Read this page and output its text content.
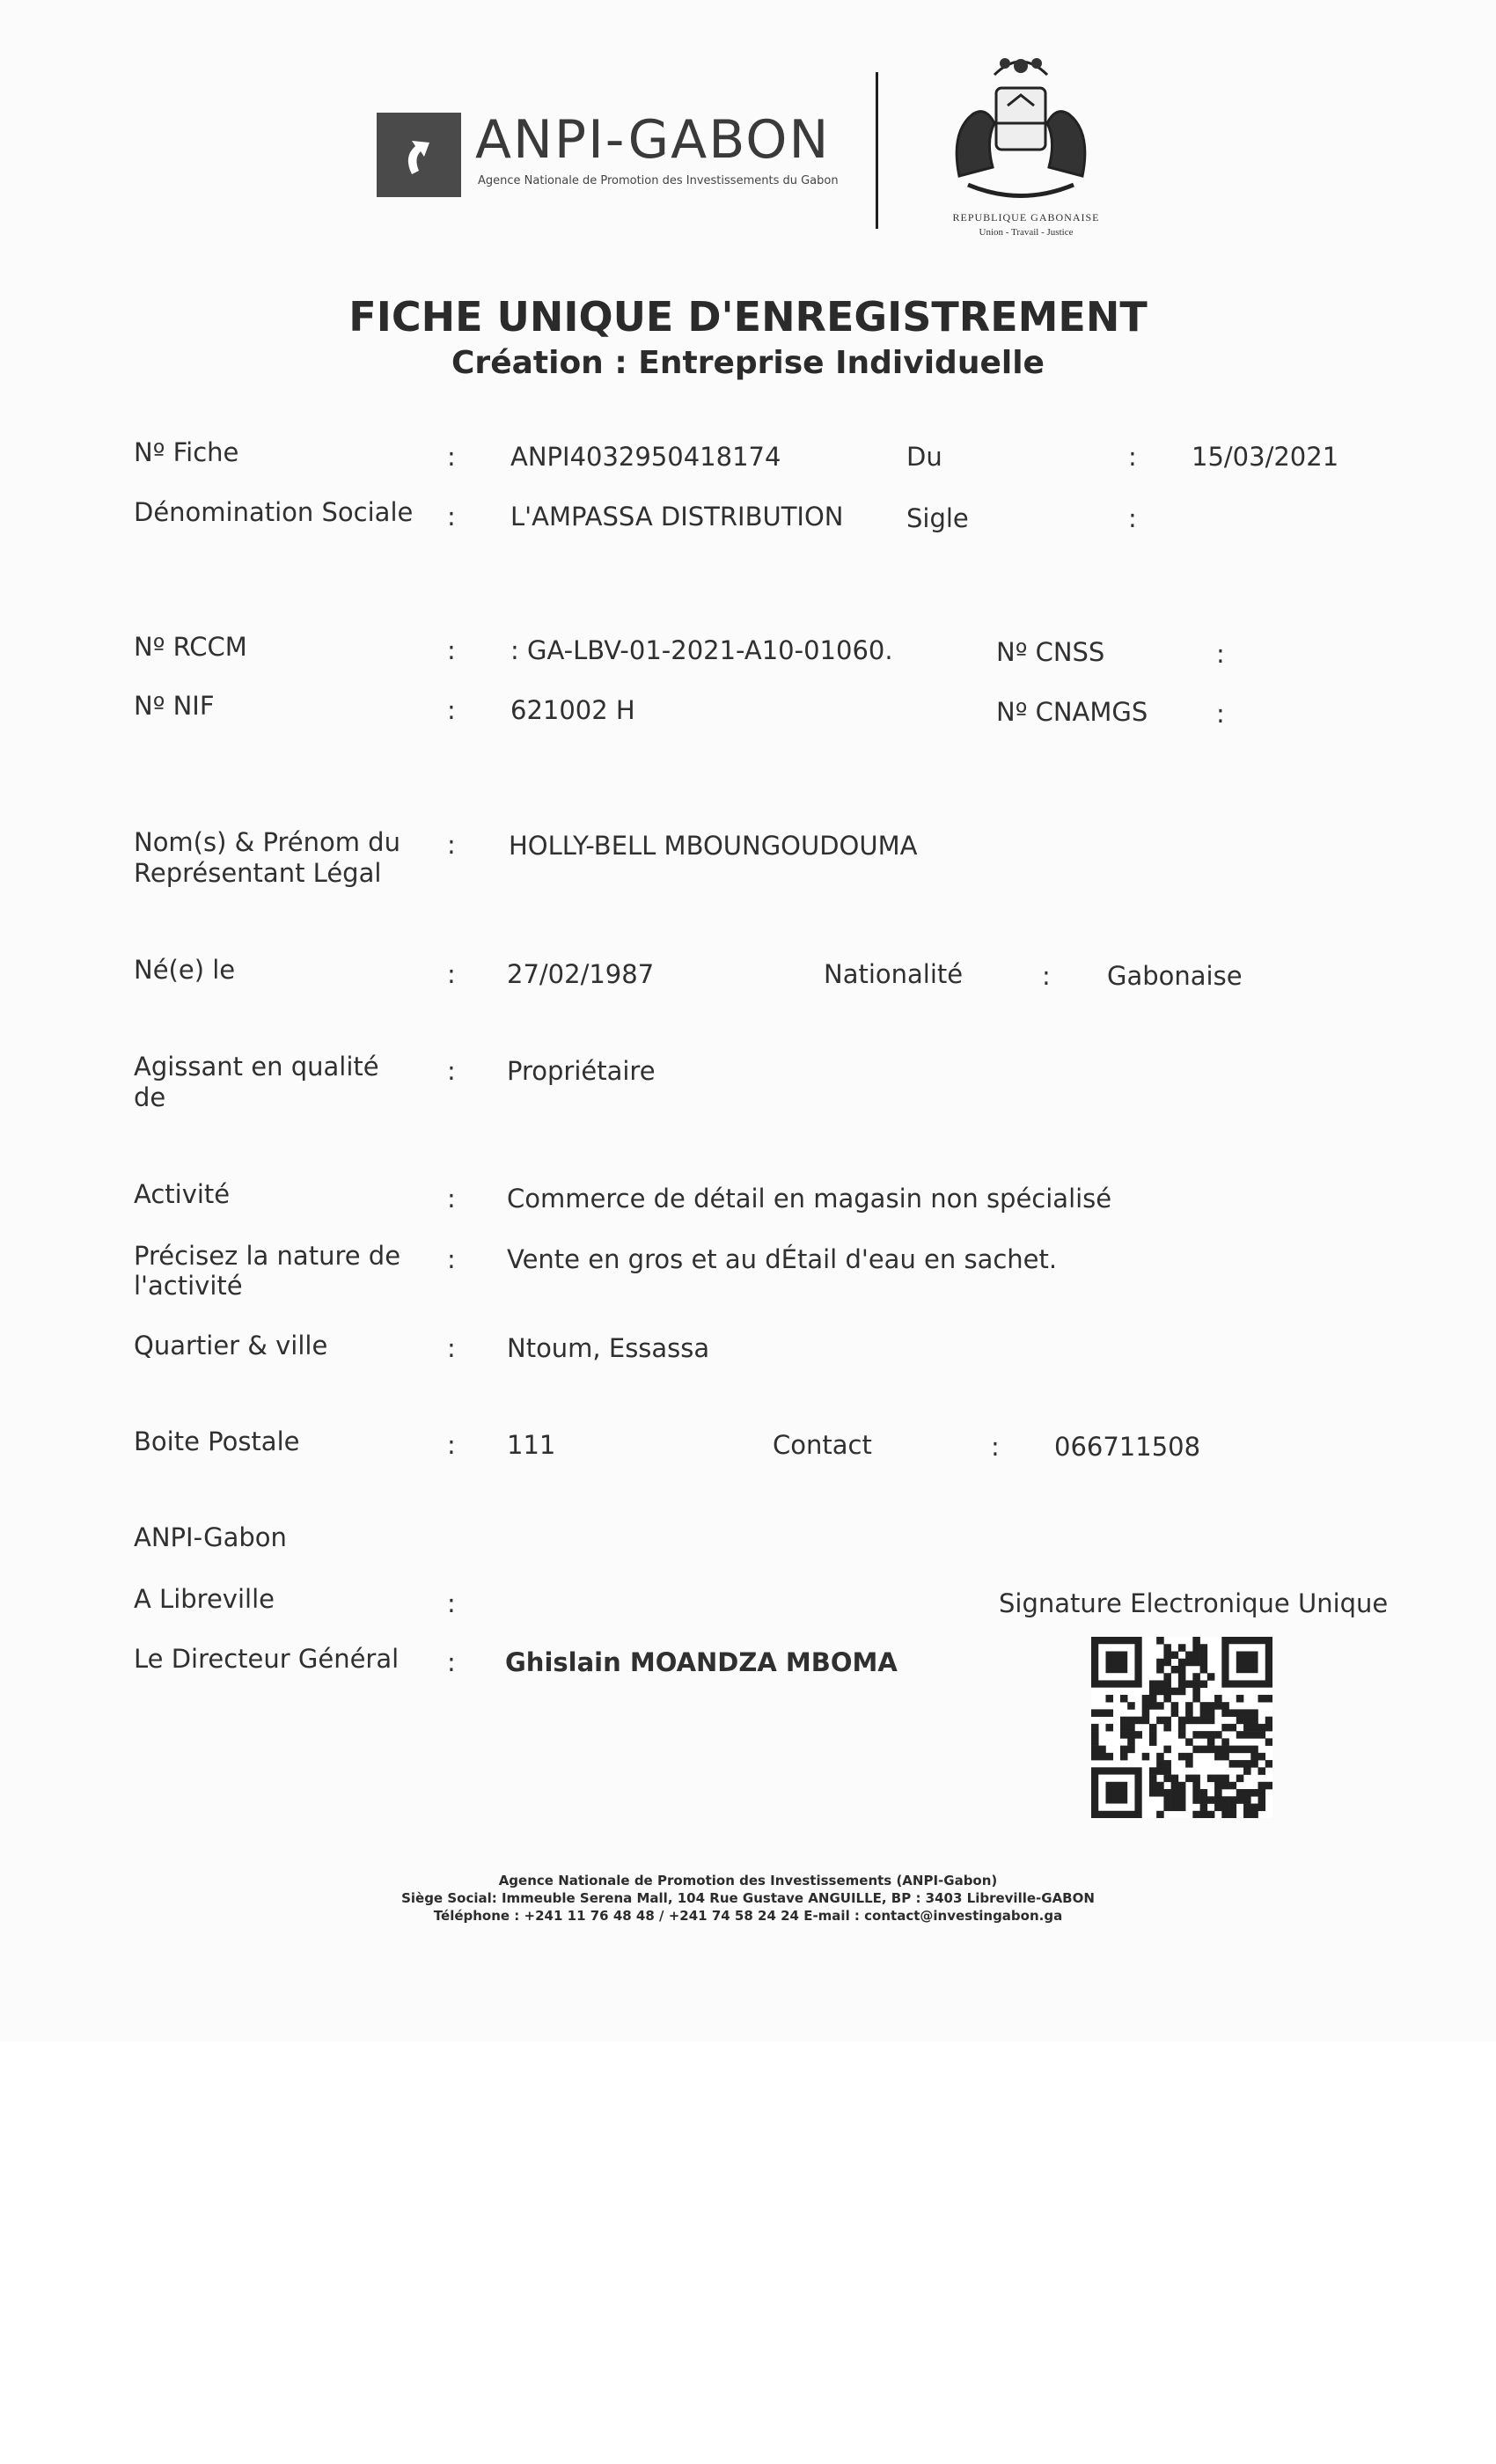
ANPI-GABON
Agence Nationale de Promotion des Investissements du Gabon
REPUBLIQUE GABONAISE
Union - Travail - Justice
FICHE UNIQUE D'ENREGISTREMENT
Création : Entreprise Individuelle
Nº Fiche	: ANPI4032950418174	Du	: 15/03/2021
Dénomination Sociale : L'AMPASSA DISTRIBUTION Sigle	:
Nº RCCM	: : GA-LBV-01-2021-A10-01060.	Nº CNSS	:
Nº NIF	: 621002 H	Nº CNAMGS	:
Nom(s) & Prénom du
Représentant Légal
: HOLLY-BELL MBOUNGOUDOUMA
Né(e) le	: 27/02/1987	Nationalité	: Gabonaise
Agissant en qualité
de
: Propriétaire
Activité	: Commerce de détail en magasin non spécialisé
Précisez la nature de
l'activité
: Vente en gros et au dÉtail d'eau en sachet.
Quartier & ville	: Ntoum, Essassa
Boite Postale	: 111	Contact	: 066711508
ANPI-Gabon
A Libreville	:
Le Directeur Général : Ghislain MOANDZA MBOMA
Signature Electronique Unique
Agence Nationale de Promotion des Investissements (ANPI-Gabon)
Siège Social: Immeuble Serena Mall, 104 Rue Gustave ANGUILLE, BP : 3403 Libreville-GABON
Téléphone : +241 11 76 48 48 / +241 74 58 24 24 E-mail : contact@investingabon.ga
